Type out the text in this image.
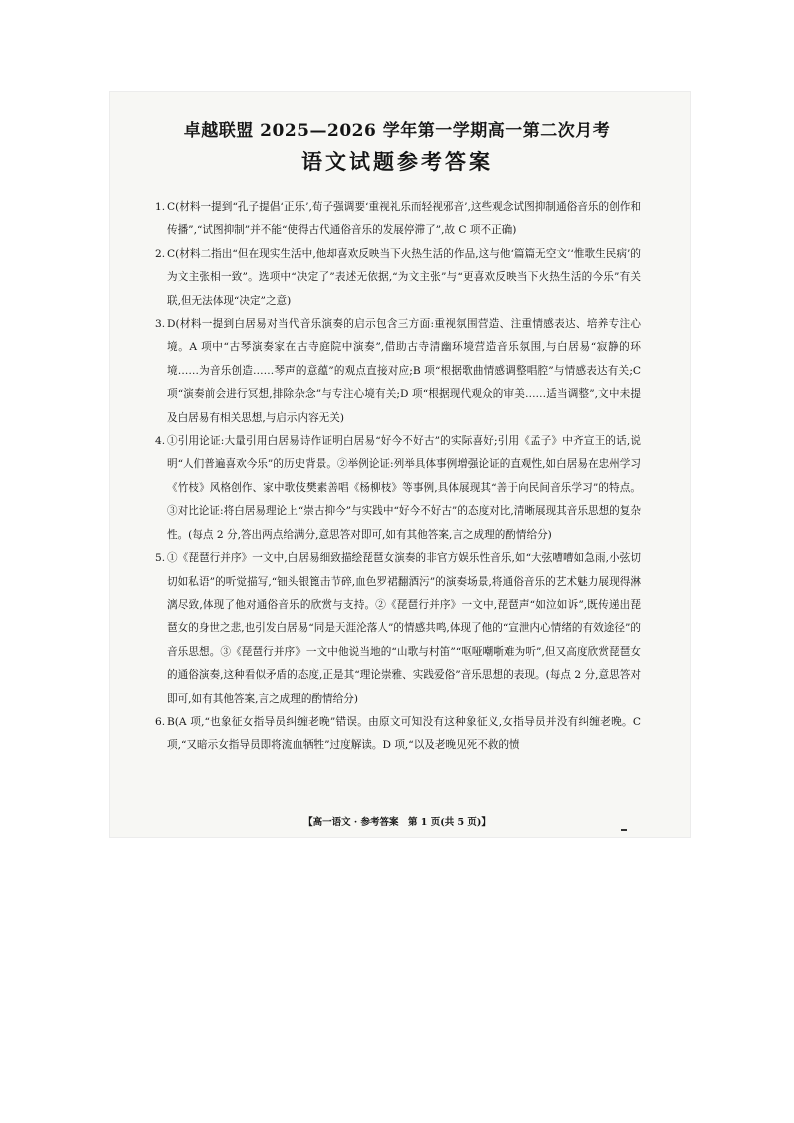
卓越联盟 2025—2026 学年第一学期高一第二次月考
语文试题参考答案

1. C(材料一提到“孔子提倡‘正乐’,荀子强调要‘重视礼乐而轻视邪音’,这些观念试图抑制通俗音乐的创作和传播”,“试图抑制”并不能“使得古代通俗音乐的发展停滞了”,故 C 项不正确)

2. C(材料二指出“但在现实生活中,他却喜欢反映当下火热生活的作品,这与他‘篇篇无空文’‘惟歌生民病’的为文主张相一致”。选项中“决定了”表述无依据,“为文主张”与“更喜欢反映当下火热生活的今乐”有关联,但无法体现“决定”之意)

3. D(材料一提到白居易对当代音乐演奏的启示包含三方面:重视氛围营造、注重情感表达、培养专注心境。A 项中“古琴演奏家在古寺庭院中演奏”,借助古寺清幽环境营造音乐氛围,与白居易“寂静的环境……为音乐创造……琴声的意蕴”的观点直接对应;B 项“根据歌曲情感调整唱腔”与情感表达有关;C 项“演奏前会进行冥想,排除杂念”与专注心境有关;D 项“根据现代观众的审美……适当调整”,文中未提及白居易有相关思想,与启示内容无关)

4. ①引用论证:大量引用白居易诗作证明白居易“好今不好古”的实际喜好;引用《孟子》中齐宣王的话,说明“人们普遍喜欢今乐”的历史背景。②举例论证:列举具体事例增强论证的直观性,如白居易在忠州学习《竹枝》风格创作、家中歌伎樊素善唱《杨柳枝》等事例,具体展现其“善于向民间音乐学习”的特点。③对比论证:将白居易理论上“崇古抑今”与实践中“好今不好古”的态度对比,清晰展现其音乐思想的复杂性。(每点 2 分,答出两点给满分,意思答对即可,如有其他答案,言之成理的酌情给分)

5. ①《琵琶行并序》一文中,白居易细致描绘琵琶女演奏的非官方娱乐性音乐,如“大弦嘈嘈如急雨,小弦切切如私语”的听觉描写,“钿头银篦击节碎,血色罗裙翻酒污”的演奏场景,将通俗音乐的艺术魅力展现得淋漓尽致,体现了他对通俗音乐的欣赏与支持。②《琵琶行并序》一文中,琵琶声“如泣如诉”,既传递出琵琶女的身世之悲,也引发白居易“同是天涯沦落人”的情感共鸣,体现了他的“宣泄内心情绪的有效途径”的音乐思想。③《琵琶行并序》一文中他说当地的“山歌与村笛”“呕哑嘲哳难为听”,但又高度欣赏琵琶女的通俗演奏,这种看似矛盾的态度,正是其“理论崇雅、实践爱俗”音乐思想的表现。(每点 2 分,意思答对即可,如有其他答案,言之成理的酌情给分)

6. B(A 项,“也象征女指导员纠缠老晚”错误。由原文可知没有这种象征义,女指导员并没有纠缠老晚。C 项,“又暗示女指导员即将流血牺牲”过度解读。D 项,“以及老晚见死不救的愤

【高一语文 · 参考答案　第 1 页(共 5 页)】
